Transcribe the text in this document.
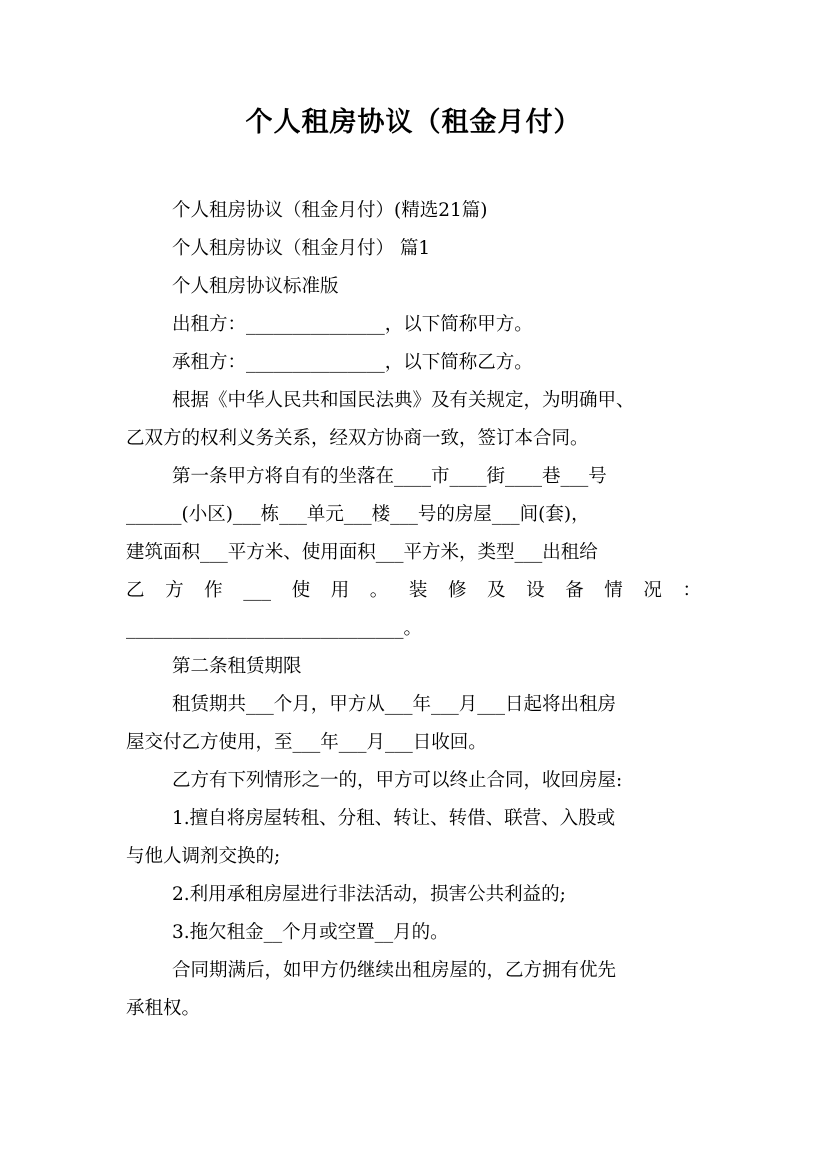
个人租房协议（租金月付）

个人租房协议（租金月付）(精选21篇)

个人租房协议（租金月付） 篇1

个人租房协议标准版

出租方：_______________，以下简称甲方。

承租方：_______________，以下简称乙方。

根据《中华人民共和国民法典》及有关规定，为明确甲、

乙双方的权利义务关系，经双方协商一致，签订本合同。

第一条甲方将自有的坐落在____市____街____巷___号

______(小区)___栋___单元___楼___号的房屋___间(套)，

建筑面积___平方米、使用面积___平方米，类型___出租给

乙方作___使用。装修及设备情况：

______________________________。

第二条租赁期限

租赁期共___个月，甲方从___年___月___日起将出租房

屋交付乙方使用，至___年___月___日收回。

乙方有下列情形之一的，甲方可以终止合同，收回房屋:

1.擅自将房屋转租、分租、转让、转借、联营、入股或

与他人调剂交换的;

2.利用承租房屋进行非法活动，损害公共利益的;

3.拖欠租金__个月或空置__月的。

合同期满后，如甲方仍继续出租房屋的，乙方拥有优先

承租权。
